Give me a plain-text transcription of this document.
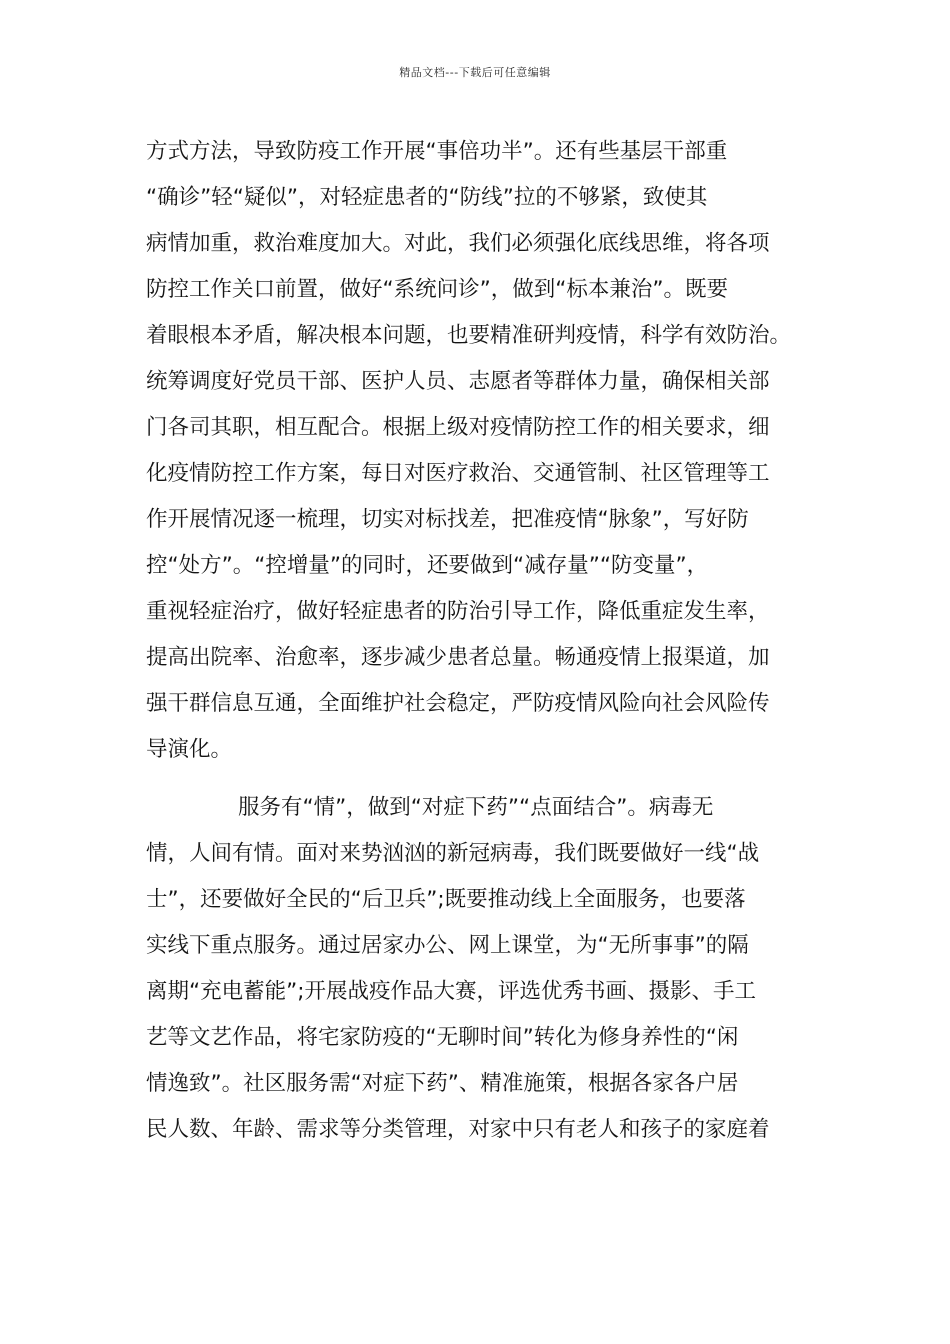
精品文档---下载后可任意编辑
方式方法，导致防疫工作开展“事倍功半”。还有些基层干部重
“确诊”轻“疑似”，对轻症患者的“防线”拉的不够紧，致使其
病情加重，救治难度加大。对此，我们必须强化底线思维，将各项
防控工作关口前置，做好“系统问诊”，做到“标本兼治”。既要
着眼根本矛盾，解决根本问题，也要精准研判疫情，科学有效防治。
统筹调度好党员干部、医护人员、志愿者等群体力量，确保相关部
门各司其职，相互配合。根据上级对疫情防控工作的相关要求，细
化疫情防控工作方案，每日对医疗救治、交通管制、社区管理等工
作开展情况逐一梳理，切实对标找差，把准疫情“脉象”，写好防
控“处方”。“控增量”的同时，还要做到“减存量”“防变量”，
重视轻症治疗，做好轻症患者的防治引导工作，降低重症发生率，
提高出院率、治愈率，逐步减少患者总量。畅通疫情上报渠道，加
强干群信息互通，全面维护社会稳定，严防疫情风险向社会风险传
导演化。
服务有“情”，做到“对症下药”“点面结合”。病毒无
情，人间有情。面对来势汹汹的新冠病毒，我们既要做好一线“战
士”，还要做好全民的“后卫兵”;既要推动线上全面服务，也要落
实线下重点服务。通过居家办公、网上课堂，为“无所事事”的隔
离期“充电蓄能”;开展战疫作品大赛，评选优秀书画、摄影、手工
艺等文艺作品，将宅家防疫的“无聊时间”转化为修身养性的“闲
情逸致”。社区服务需“对症下药”、精准施策，根据各家各户居
民人数、年龄、需求等分类管理，对家中只有老人和孩子的家庭着
